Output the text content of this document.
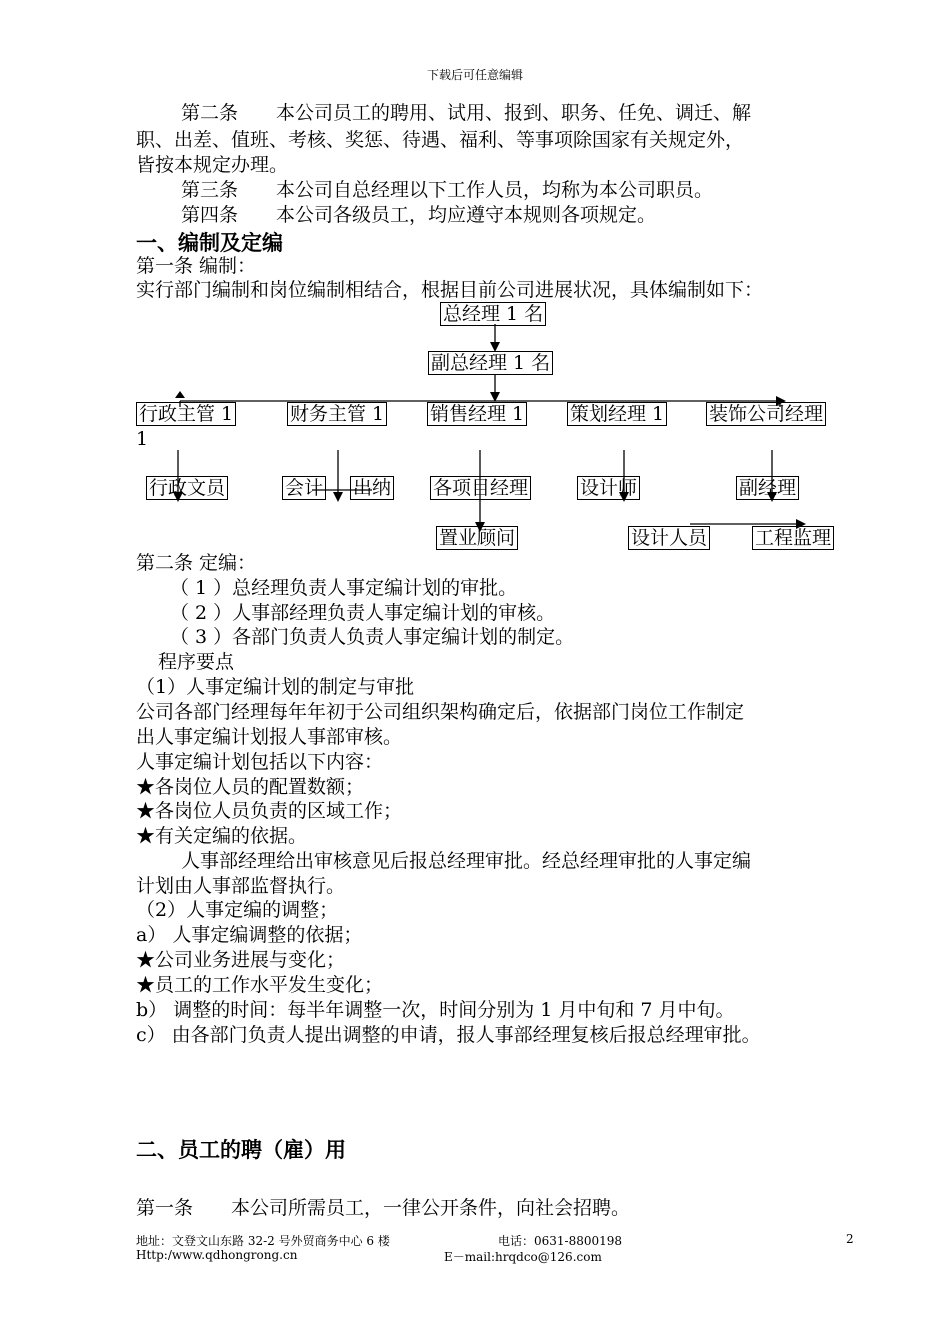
下载后可任意编辑
第二条　　本公司员工的聘用、试用、报到、职务、任免、调迁、解
职、出差、值班、考核、奖惩、待遇、福利、等事项除国家有关规定外，
皆按本规定办理。
第三条　　本公司自总经理以下工作人员，均称为本公司职员。
第四条　　本公司各级员工，均应遵守本规则各项规定。
一、编制及定编
第一条 编制：
实行部门编制和岗位编制相结合，根据目前公司进展状况，具体编制如下：
总经理 1 名
副总经理 1 名
行政主管 1
1
财务主管 1 销售经理 1 策划经理 1 装饰公司经理
行政文员	会计 出纳 各项目经理	设计师	副经理
置业顾问	设计人员	工程监理
第二条 定编：
（ 1 ）总经理负责人事定编计划的审批。
（ 2 ）人事部经理负责人事定编计划的审核。
（ 3 ）各部门负责人负责人事定编计划的制定。
程序要点
（1）人事定编计划的制定与审批
公司各部门经理每年年初于公司组织架构确定后，依据部门岗位工作制定
出人事定编计划报人事部审核。
人事定编计划包括以下内容：
★各岗位人员的配置数额；
★各岗位人员负责的区域工作；
★有关定编的依据。
人事部经理给出审核意见后报总经理审批。经总经理审批的人事定编
计划由人事部监督执行。
（2）人事定编的调整；
a） 人事定编调整的依据；
★公司业务进展与变化；
★员工的工作水平发生变化；
b） 调整的时间：每半年调整一次，时间分别为 1 月中旬和 7 月中旬。
c） 由各部门负责人提出调整的申请，报人事部经理复核后报总经理审批。
二、员工的聘（雇）用
第一条　　本公司所需员工，一律公开条件，向社会招聘。
地址：文登文山东路 32-2 号外贸商务中心 6 楼	电话：0631-8800198	2
Http:/www.qdhongrong.cn	E－mail:hrqdco@126.com
